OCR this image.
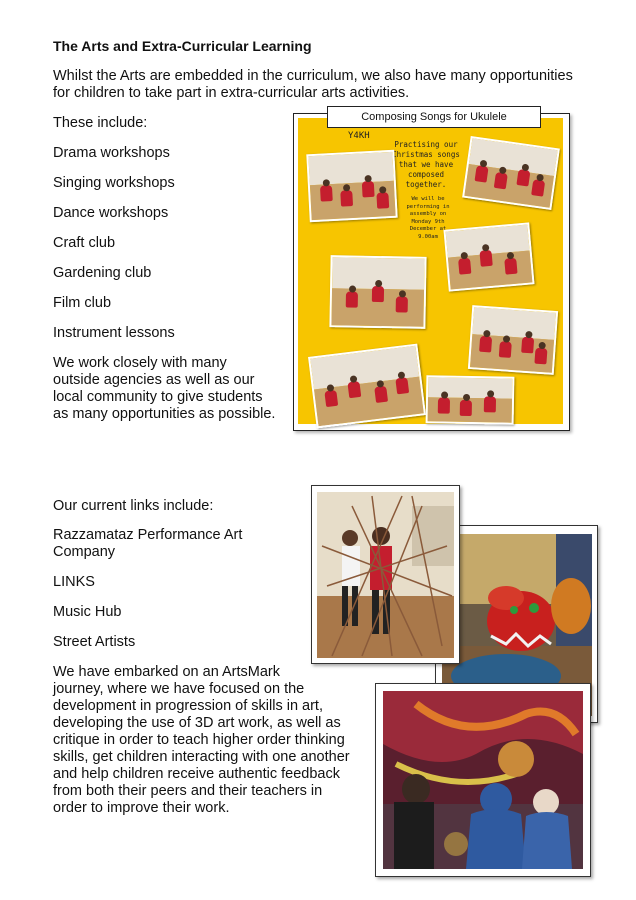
The Arts and Extra-Curricular Learning

Whilst the Arts are embedded in the curriculum, we also have many opportunities

for children to take part in extra-curricular arts activities.

These include:

Drama workshops
Singing workshops
Dance workshops
Craft club
Gardening club
Film club
Instrument lessons

We work closely with many

outside agencies as well as our

local community to give students

as many opportunities as possible.

Y4KH
Practising our
Christmas songs
that we have
composed
together.
We will be
performing in
assembly on
Monday 9th
December at
9.00am
Composing Songs for Ukulele

Our current links include:

Razzamataz Performance Art

Company

LINKS

Music Hub

Street Artists

We have embarked on an ArtsMark

journey, where we have focused on the

development in progression of skills in art,

developing the use of 3D art work, as well as

critique in order to teach higher order thinking

skills, get children interacting with one another

and help children receive authentic feedback

from both their peers and their teachers in

order to improve their work.
